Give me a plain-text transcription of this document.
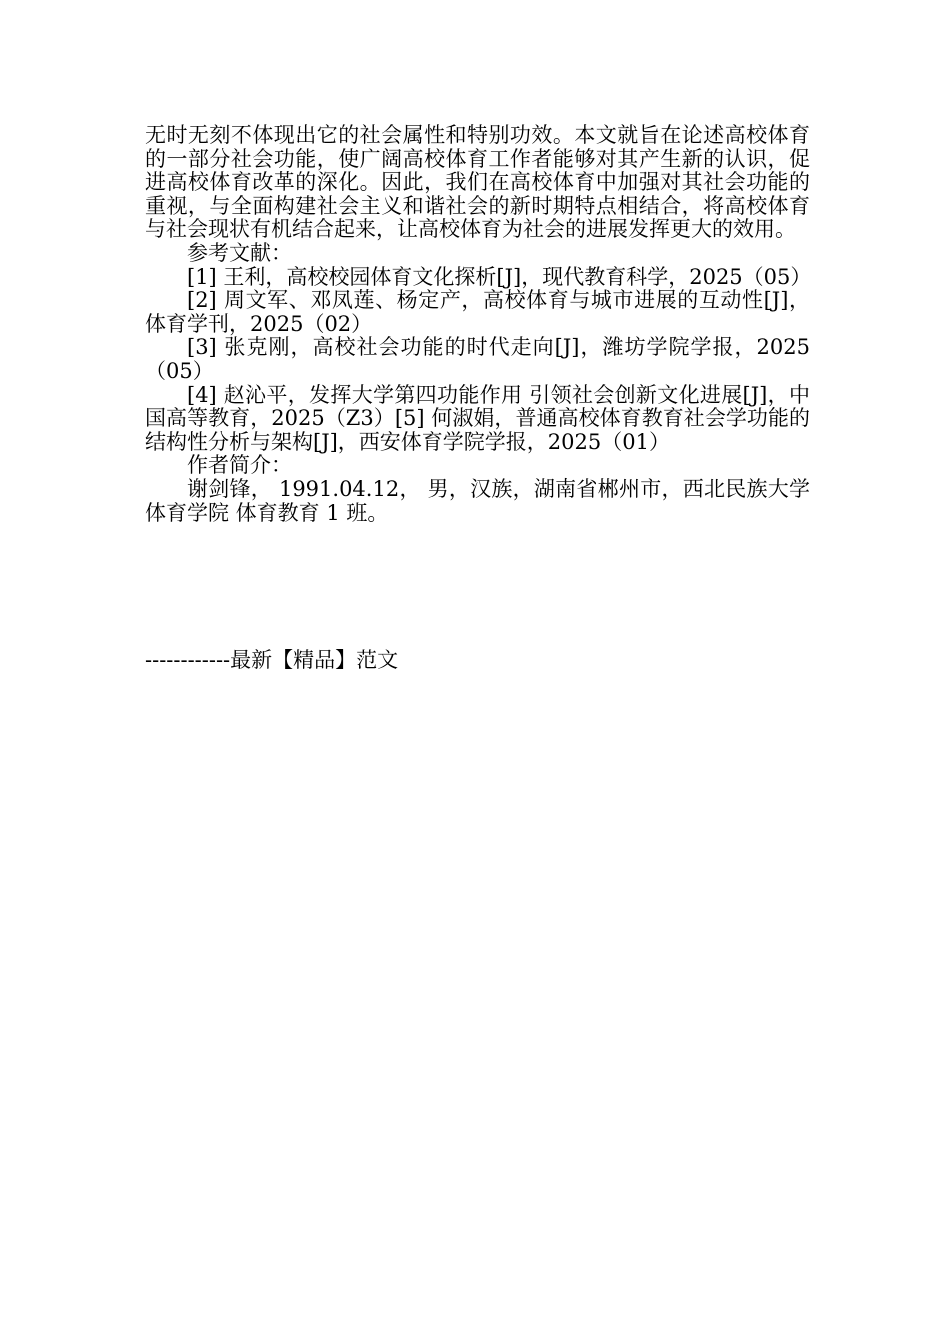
无时无刻不体现出它的社会属性和特别功效。本文就旨在论述高校体育的一部分社会功能，使广阔高校体育工作者能够对其产生新的认识，促进高校体育改革的深化。因此，我们在高校体育中加强对其社会功能的重视，与全面构建社会主义和谐社会的新时期特点相结合，将高校体育与社会现状有机结合起来，让高校体育为社会的进展发挥更大的效用。

参考文献：

[1] 王利，高校校园体育文化探析[J]，现代教育科学，2025（05）

[2] 周文军、邓凤莲、杨定产，高校体育与城市进展的互动性[J]，体育学刊，2025（02）

[3] 张克刚，高校社会功能的时代走向[J]，潍坊学院学报，2025（05）

[4] 赵沁平，发挥大学第四功能作用 引领社会创新文化进展[J]，中国高等教育，2025（Z3）[5] 何淑娟，普通高校体育教育社会学功能的结构性分析与架构[J]，西安体育学院学报，2025（01）

作者简介：

谢剑锋， 1991.04.12， 男，汉族，湖南省郴州市，西北民族大学 体育学院 体育教育 1 班。

------------最新【精品】范文
